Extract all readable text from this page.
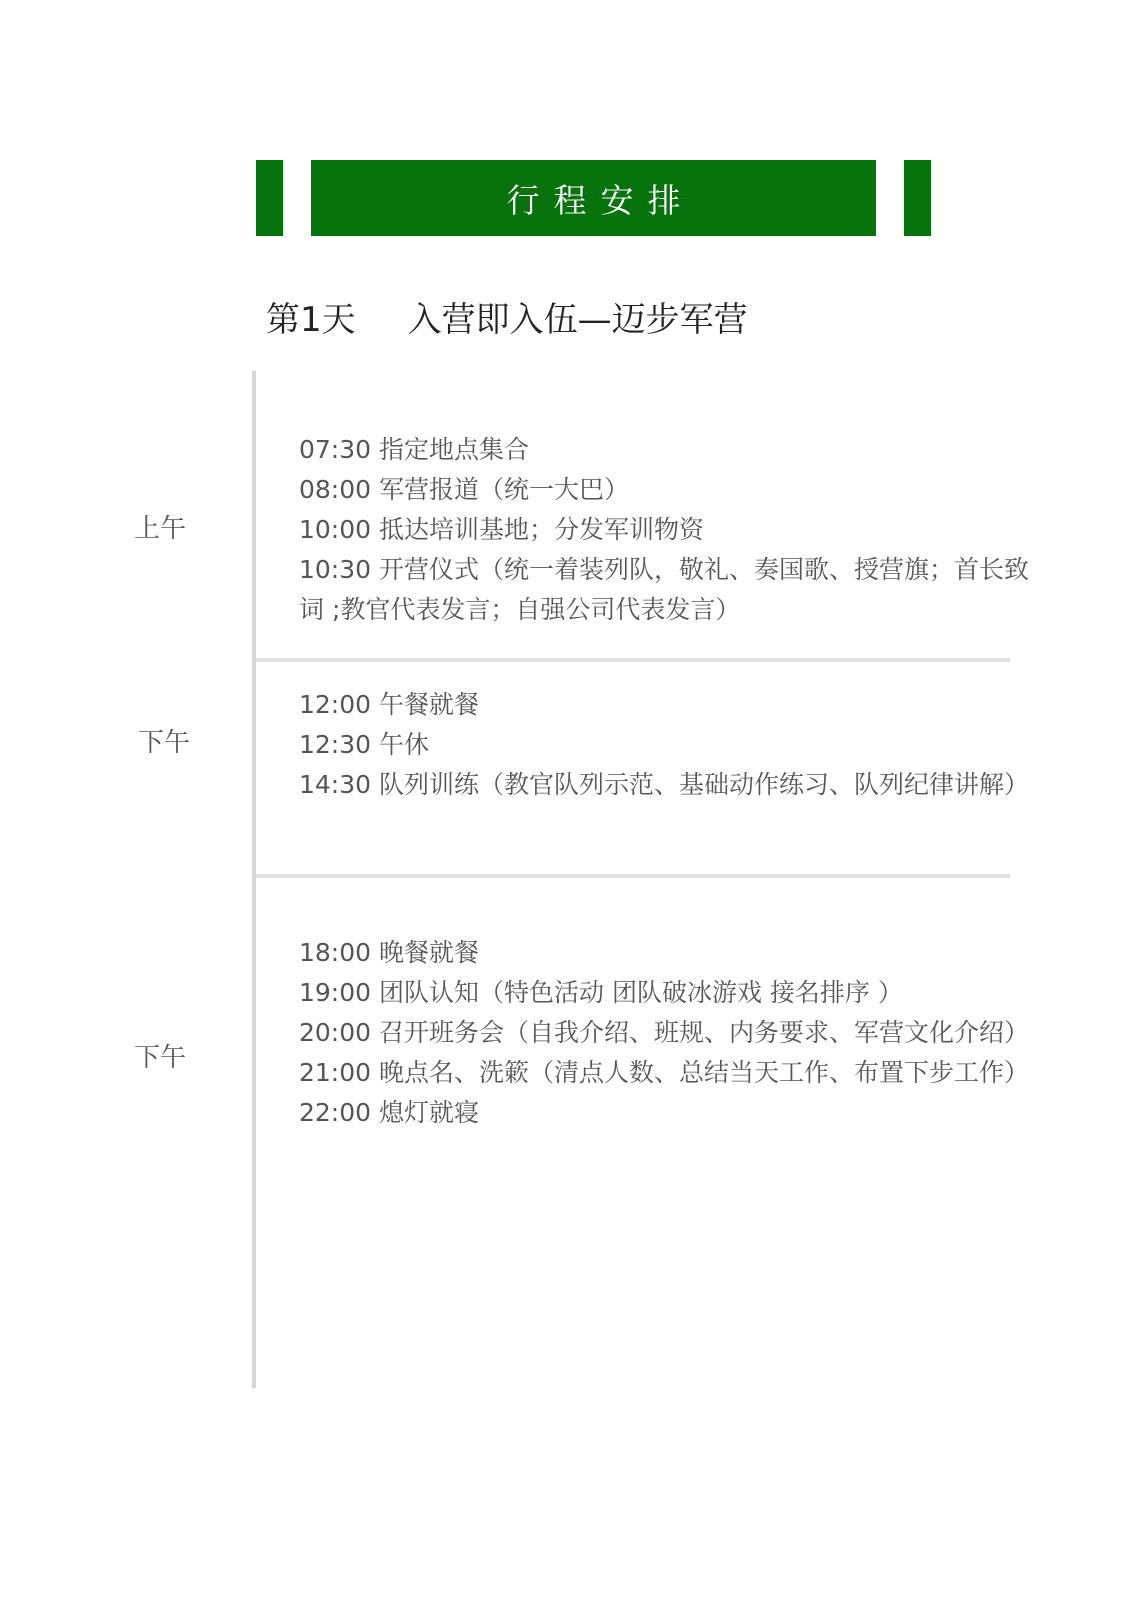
行程安排
第1天 入营即入伍—迈步军营
上午
07:30 指定地点集合
08:00 军营报道（统一大巴）
10:00 抵达培训基地；分发军训物资
10:30 开营仪式（统一着装列队，敬礼、奏国歌、授营旗；首长致词 ;教官代表发言；自强公司代表发言）
下午
12:00 午餐就餐
12:30 午休
14:30 队列训练（教官队列示范、基础动作练习、队列纪律讲解）
下午
18:00 晚餐就餐
19:00 团队认知（特色活动 团队破冰游戏 接名排序 ）
20:00 召开班务会（自我介绍、班规、内务要求、军营文化介绍）
21:00 晚点名、洗簌（清点人数、总结当天工作、布置下步工作）
22:00 熄灯就寝
